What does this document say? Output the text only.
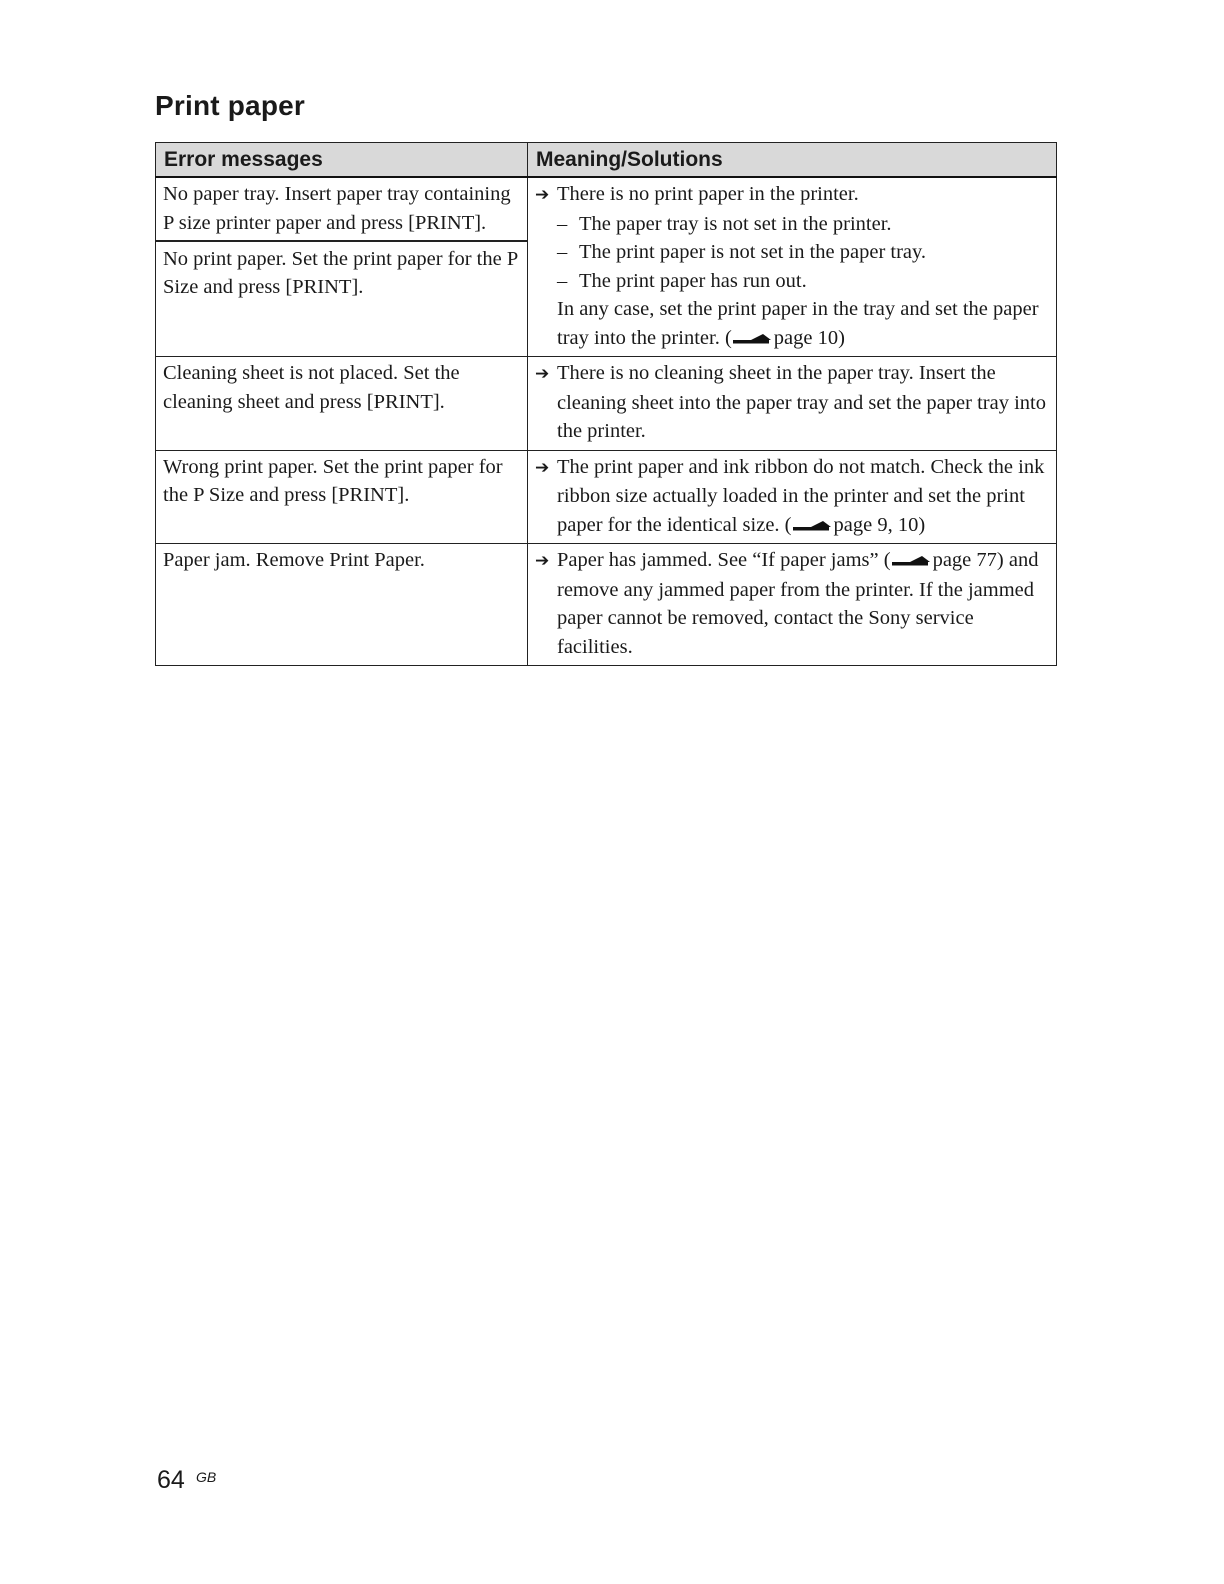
Print paper
Error messages	Meaning/Solutions

No paper tray. Insert paper tray containing P size printer paper and press [PRINT].
No print paper. Set the print paper for the P Size and press [PRINT].	➔ There is no print paper in the printer.
– The paper tray is not set in the printer.
– The print paper is not set in the paper tray.
– The print paper has run out.
In any case, set the print paper in the tray and set the paper tray into the printer. ( page 10)

Cleaning sheet is not placed. Set the cleaning sheet and press [PRINT].	➔ There is no cleaning sheet in the paper tray. Insert the cleaning sheet into the paper tray and set the paper tray into the printer.

Wrong print paper. Set the print paper for the P Size and press [PRINT].	➔ The print paper and ink ribbon do not match. Check the ink ribbon size actually loaded in the printer and set the print paper for the identical size. ( page 9, 10)

Paper jam. Remove Print Paper.	➔ Paper has jammed. See “If paper jams” ( page 77) and remove any jammed paper from the printer. If the jammed paper cannot be removed, contact the Sony service facilities.
64 GB
